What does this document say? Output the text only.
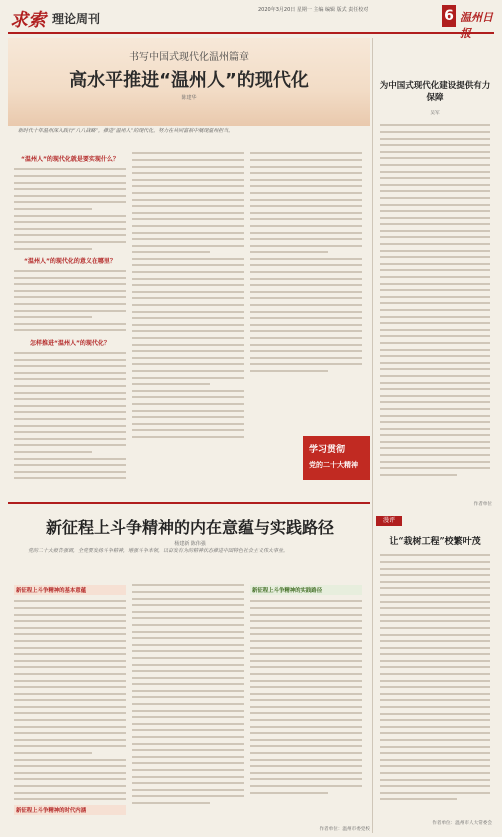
求索 理论周刊
2020年3月20日 星期一 主编 编辑 版式 责任校对	6 温州日报
书写中国式现代化温州篇章
高水平推进“温州人”的现代化
陈建华
新时代十年温州深入践行“八八战略”，推进“温州人”的现代化，努力在共同富裕中展现温州担当。
“温州人”的现代化就是要实现什么？
“温州人”的现代化的意义在哪里？
怎样推进“温州人”的现代化？
学习贯彻
党的二十大精神
新征程上斗争精神的内在意蕴与实践路径
杨建新 陈伟强
党的二十大报告强调，全党要发扬斗争精神，增强斗争本领，以奋发有为的精神状态推进中国特色社会主义伟大事业。
新征程上斗争精神的基本意蕴
新征程上斗争精神的时代内涵
新征程上斗争精神的实践路径
作者单位：温州市委党校
为中国式现代化建设提供有力保障
吴军
作者单位
漫评
让“栽树工程”校繁叶茂
作者单位：温州市人大常委会
